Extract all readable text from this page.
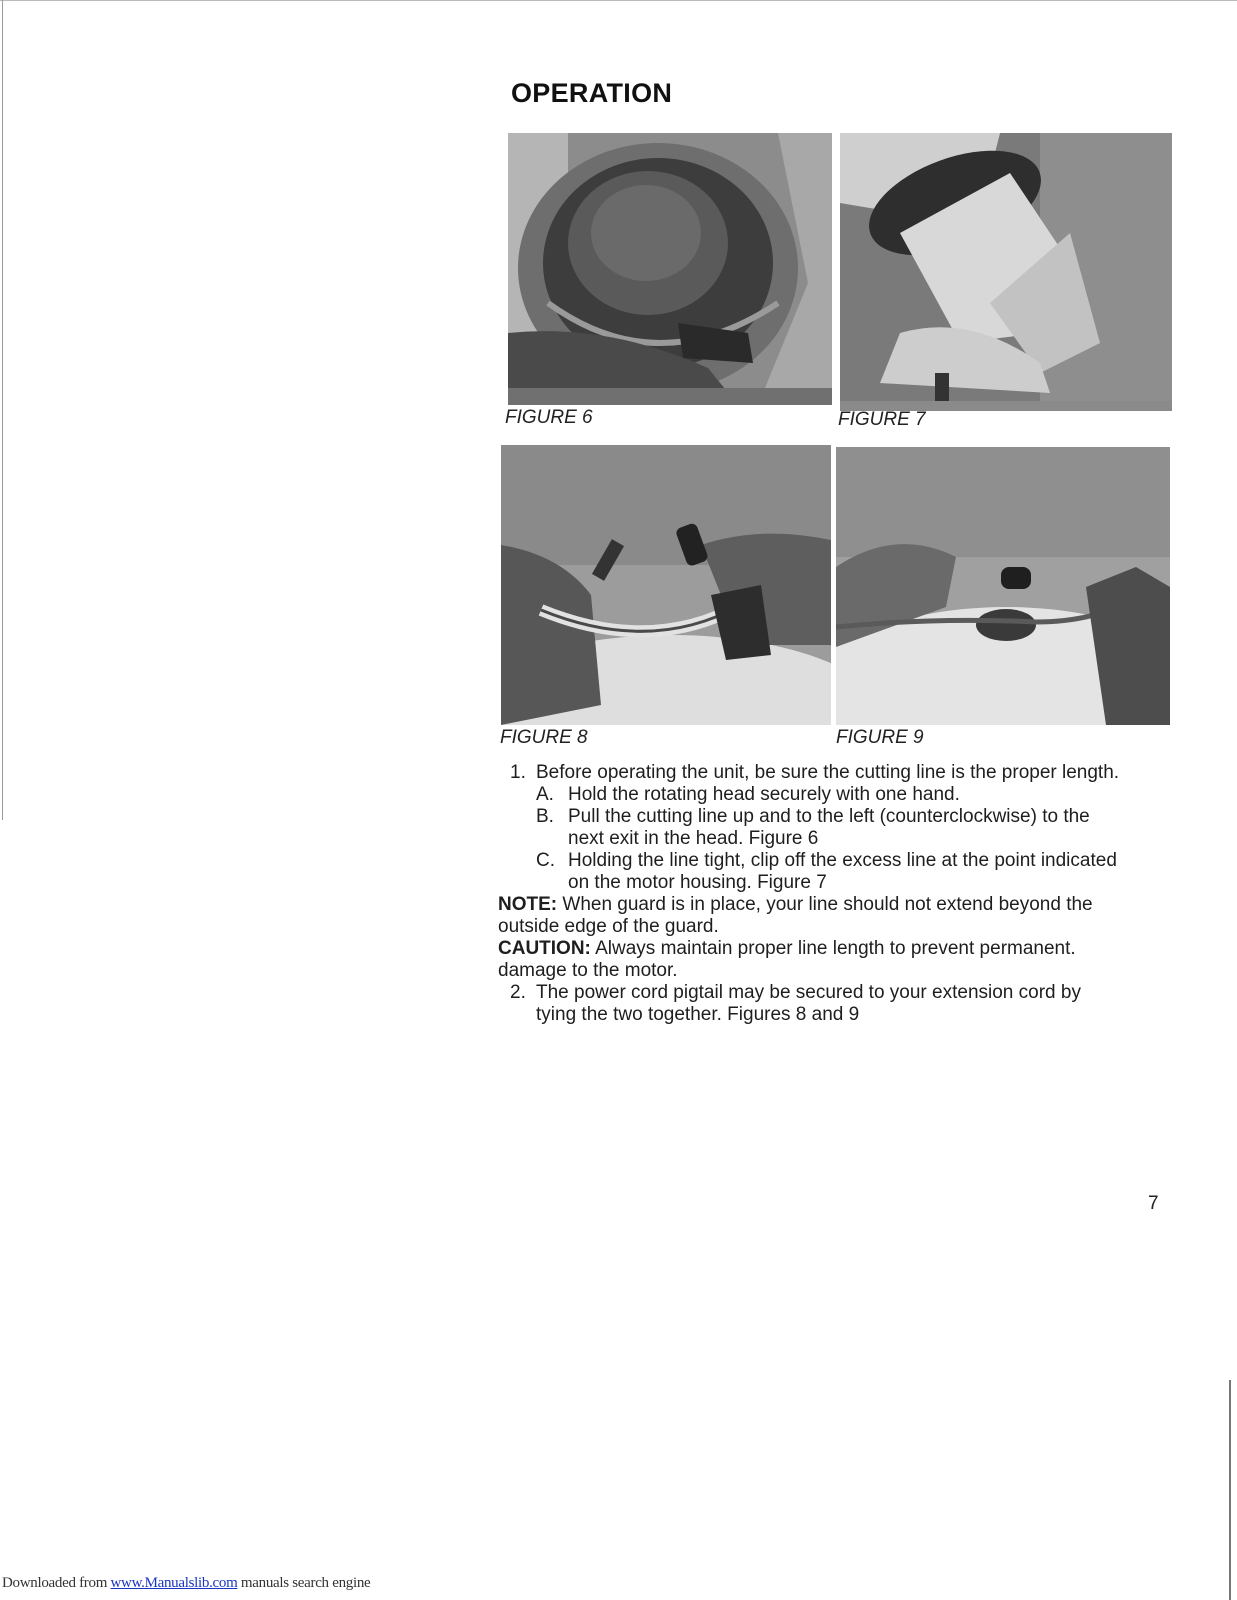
OPERATION
FIGURE 6	FIGURE 7
FIGURE 8	FIGURE 9
1. Before operating the unit, be sure the cutting line is the proper length.
A. Hold the rotating head securely with one hand.
B. Pull the cutting line up and to the left (counterclockwise) to the
next exit in the head. Figure 6
C. Holding the line tight, clip off the excess line at the point indicated
on the motor housing. Figure 7
NOTE: When guard is in place, your line should not extend beyond the
outside edge of the guard.
CAUTION: Always maintain proper line length to prevent permanent.
damage to the motor.
2. The power cord pigtail may be secured to your extension cord by
tying the two together. Figures 8 and 9
7
Downloaded from www.Manualslib.com manuals search engine
